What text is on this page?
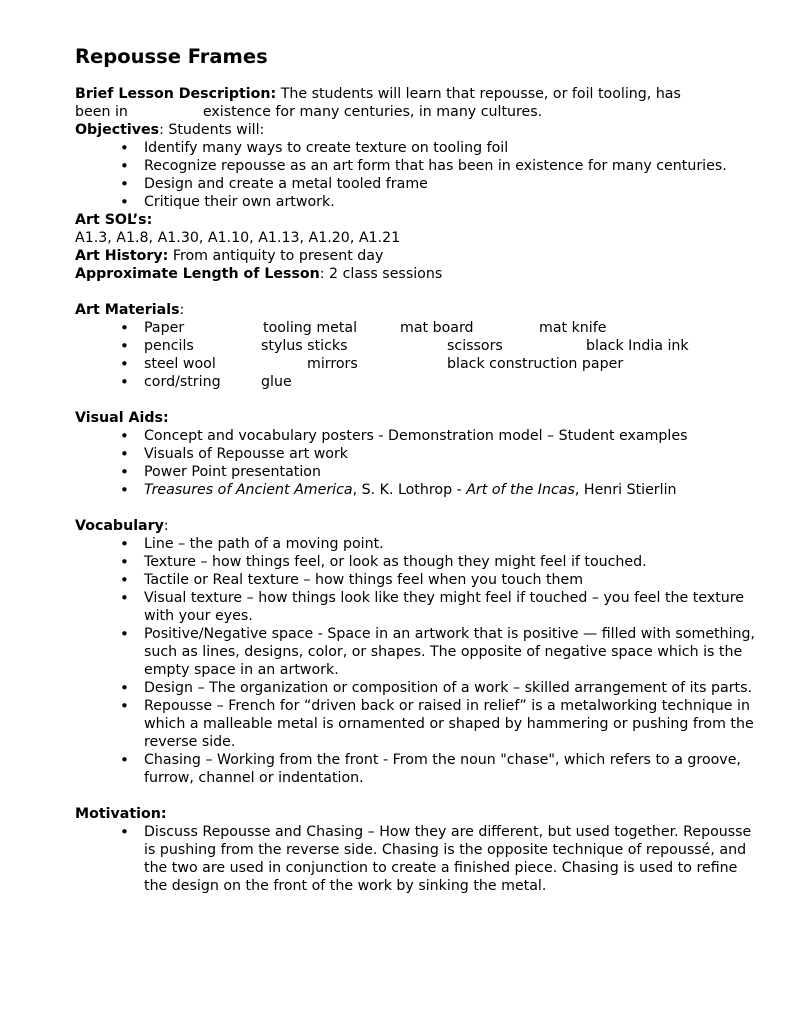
Repousse Frames

Brief Lesson Description: The students will learn that repousse, or foil tooling, has
been in	existence for many centuries, in many cultures.

Objectives: Students will:

• Identify many ways to create texture on tooling foil
• Recognize repousse as an art form that has been in existence for many centuries.
• Design and create a metal tooled frame
• Critique their own artwork.

Art SOL’s:

A1.3, A1.8, A1.30, A1.10, A1.13, A1.20, A1.21

Art History: From antiquity to present day

Approximate Length of Lesson: 2 class sessions

Art Materials:

• Paper	tooling metal	mat board	mat knife
• pencils	stylus sticks	scissors	black India ink
• steel wool	mirrors	black construction paper
• cord/string	glue

Visual Aids:

• Concept and vocabulary posters - Demonstration model – Student examples
• Visuals of Repousse art work
• Power Point presentation
• Treasures of Ancient America, S. K. Lothrop - Art of the Incas, Henri Stierlin

Vocabulary:

• Line – the path of a moving point.
• Texture – how things feel, or look as though they might feel if touched.
• Tactile or Real texture – how things feel when you touch them
• Visual texture – how things look like they might feel if touched – you feel the texture with your eyes.
• Positive/Negative space - Space in an artwork that is positive — filled with something, such as lines, designs, color, or shapes. The opposite of negative space which is the empty space in an artwork.
• Design – The organization or composition of a work – skilled arrangement of its parts.
• Repousse – French for “driven back or raised in relief” is a metalworking technique in which a malleable metal is ornamented or shaped by hammering or pushing from the reverse side.
• Chasing – Working from the front - From the noun "chase", which refers to a groove, furrow, channel or indentation.

Motivation:

• Discuss Repousse and Chasing – How they are different, but used together. Repousse is pushing from the reverse side. Chasing is the opposite technique of repoussé, and the two are used in conjunction to create a finished piece. Chasing is used to refine the design on the front of the work by sinking the metal.
